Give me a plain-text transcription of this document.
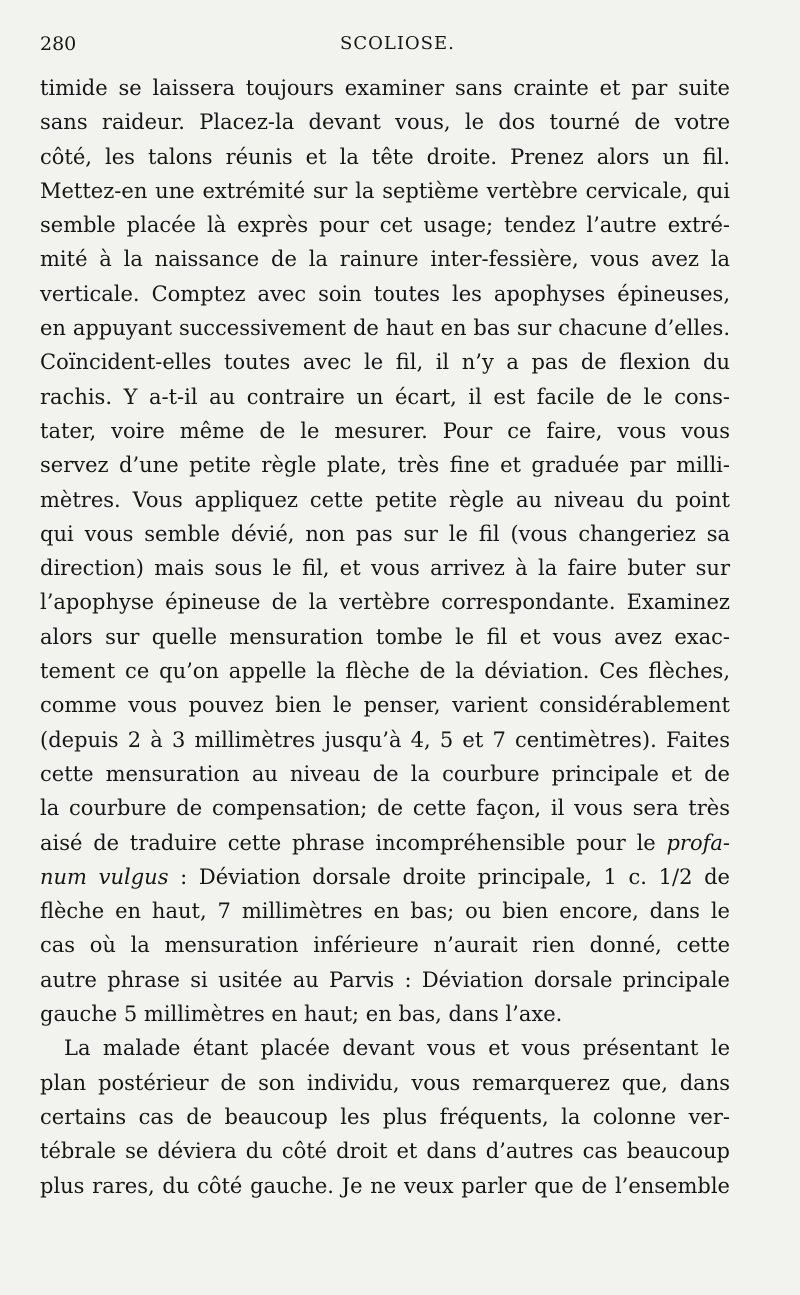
280	SCOLIOSE.
timide se laissera toujours examiner sans crainte et par suite
sans raideur. Placez-la devant vous, le dos tourné de votre
côté, les talons réunis et la tête droite. Prenez alors un fil.
Mettez-en une extrémité sur la septième vertèbre cervicale, qui
semble placée là exprès pour cet usage; tendez l’autre extré-
mité à la naissance de la rainure inter-fessière, vous avez la
verticale. Comptez avec soin toutes les apophyses épineuses,
en appuyant successivement de haut en bas sur chacune d’elles.
Coïncident-elles toutes avec le fil, il n’y a pas de flexion du
rachis. Y a-t-il au contraire un écart, il est facile de le cons-
tater, voire même de le mesurer. Pour ce faire, vous vous
servez d’une petite règle plate, très fine et graduée par milli-
mètres. Vous appliquez cette petite règle au niveau du point
qui vous semble dévié, non pas sur le fil (vous changeriez sa
direction) mais sous le fil, et vous arrivez à la faire buter sur
l’apophyse épineuse de la vertèbre correspondante. Examinez
alors sur quelle mensuration tombe le fil et vous avez exac-
tement ce qu’on appelle la flèche de la déviation. Ces flèches,
comme vous pouvez bien le penser, varient considérablement
(depuis 2 à 3 millimètres jusqu’à 4, 5 et 7 centimètres). Faites
cette mensuration au niveau de la courbure principale et de
la courbure de compensation; de cette façon, il vous sera très
aisé de traduire cette phrase incompréhensible pour le profa-
num vulgus : Déviation dorsale droite principale, 1 c. 1/2 de
flèche en haut, 7 millimètres en bas; ou bien encore, dans le
cas où la mensuration inférieure n’aurait rien donné, cette
autre phrase si usitée au Parvis : Déviation dorsale principale
gauche 5 millimètres en haut; en bas, dans l’axe.
La malade étant placée devant vous et vous présentant le
plan postérieur de son individu, vous remarquerez que, dans
certains cas de beaucoup les plus fréquents, la colonne ver-
tébrale se déviera du côté droit et dans d’autres cas beaucoup
plus rares, du côté gauche. Je ne veux parler que de l’ensemble
